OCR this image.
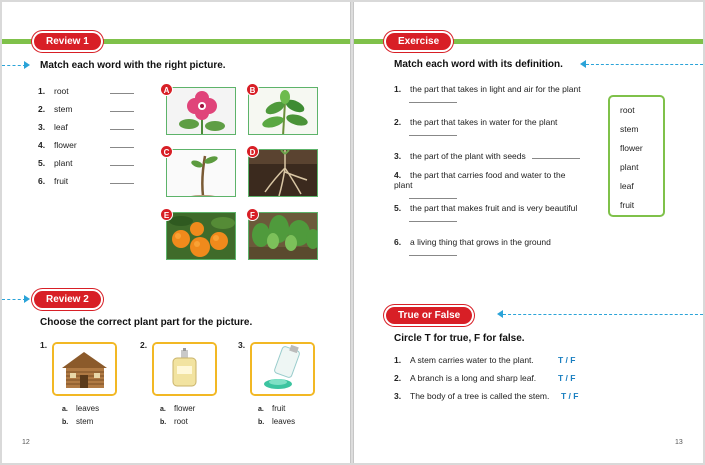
Review 1
Match each word with the right picture.
1. root
2. stem
3. leaf
4. flower
5. plant
6. fruit
A	B
C	D
E	F
Review 2
Choose the correct plant part for the picture.
1.
a. leaves
b. stem
2.
a. flower
b. root
3.
a. fruit
b. leaves
12
Exercise
Match each word with its definition.
1. the part that takes in light and air for the plant
2. the part that takes in water for the plant
3. the part of the plant with seeds
4. the part that carries food and water to the plant
5. the part that makes fruit and is very beautiful
6. a living thing that grows in the ground
root
stem
flower
plant
leaf
fruit
True or False
Circle T for true, F for false.
1. A stem carries water to the plant.	T / F
2. A branch is a long and sharp leaf.	T / F
3. The body of a tree is called the stem. T / F
13
